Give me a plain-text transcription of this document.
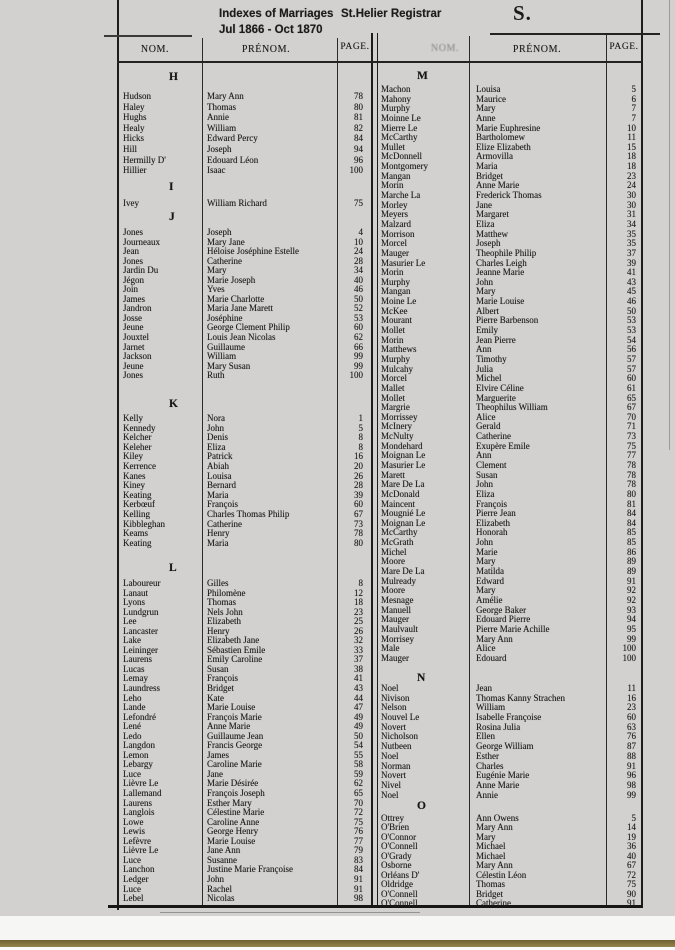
Indexes of Marriages St.Helier Registrar
Jul 1866 - Oct 1870
S.
NOM.	PRÉNOM.	PAGE.	NOM.	PRÉNOM.	PAGE.
H
Hudson	Mary Ann	78
Haley	Thomas	80
Hughs	Annie	81
Healy	William	82
Hicks	Edward Percy	84
Hill	Joseph	94
Hermilly D'	Edouard Léon	96
Hillier	Isaac	100
I
Ivey	William Richard	75
J
Jones	Joseph	4
Journeaux	Mary Jane	10
Jean	Héloise Joséphine Estelle	24
Jones	Catherine	28
Jardin Du	Mary	34
Jégon	Marie Joseph	40
Join	Yves	46
James	Marie Charlotte	50
Jandron	Maria Jane Marett	52
Josse	Joséphine	53
Jeune	George Clement Philip	60
Jouxtel	Louis Jean Nicolas	62
Jarnet	Guillaume	66
Jackson	William	99
Jeune	Mary Susan	99
Jones	Ruth	100
K
Kelly	Nora	1
Kennedy	John	5
Kelcher	Denis	8
Keleher	Eliza	8
Kiley	Patrick	16
Kerrence	Abiah	20
Kanes	Louisa	26
Kiney	Bernard	28
Keating	Maria	39
Kerbœuf	François	60
Kelling	Charles Thomas Philip	67
Kibbleghan	Catherine	73
Keams	Henry	78
Keating	Maria	80
L
Laboureur	Gilles	8
Lanaut	Philomène	12
Lyons	Thomas	18
Lundgrun	Nels John	23
Lee	Elizabeth	25
Lancaster	Henry	26
Lake	Elizabeth Jane	32
Leininger	Sébastien Emile	33
Laurens	Emily Caroline	37
Lucas	Susan	38
Lemay	François	41
Laundress	Bridget	43
Leho	Kate	44
Lande	Marie Louise	47
Lefondré	François Marie	49
Lené	Anne Marie	49
Ledo	Guillaume Jean	50
Langdon	Francis George	54
Lemon	James	55
Lebargy	Caroline Marie	58
Luce	Jane	59
Lièvre Le	Marie Désirée	62
Lallemand	François Joseph	65
Laurens	Esther Mary	70
Langlois	Célestine Marie	72
Lowe	Caroline Anne	75
Lewis	George Henry	76
Lefèvre	Marie Louise	77
Lièvre Le	Jane Ann	79
Luce	Susanne	83
Lanchon	Justine Marie Françoise	84
Ledger	John	91
Luce	Rachel	91
Lebel	Nicolas	98
M
Machon	Louisa	5
Mahony	Maurice	6
Murphy	Mary	7
Moinne Le	Anne	7
Mierre Le	Marie Euphresine	10
McCarthy	Bartholomew	11
Mullet	Elize Elizabeth	15
McDonnell	Armovilla	18
Montgomery	Maria	18
Mangan	Bridget	23
Morin	Anne Marie	24
Marche La	Frederick Thomas	30
Morley	Jane	30
Meyers	Margaret	31
Malzard	Eliza	34
Morrison	Matthew	35
Morcel	Joseph	35
Mauger	Theophile Philip	37
Masurier Le	Charles Leigh	39
Morin	Jeanne Marie	41
Murphy	John	43
Mangan	Mary	45
Moine Le	Marie Louise	46
McKee	Albert	50
Mourant	Pierre Barbenson	53
Mollet	Emily	53
Morin	Jean Pierre	54
Matthews	Ann	56
Murphy	Timothy	57
Mulcahy	Julia	57
Morcel	Michel	60
Mallet	Elvire Céline	61
Mollet	Marguerite	65
Margrie	Theophilus William	67
Morrissey	Alice	70
McInery	Gerald	71
McNulty	Catherine	73
Mondehard	Exupère Emile	75
Moignan Le	Ann	77
Masurier Le	Clement	78
Marett	Susan	78
Mare De La	John	78
McDonald	Eliza	80
Maincent	François	81
Mougnié Le	Pierre Jean	84
Moignan Le	Elizabeth	84
McCarthy	Honorah	85
McGrath	John	85
Michel	Marie	86
Moore	Mary	89
Mare De La	Matilda	89
Mulready	Edward	91
Moore	Mary	92
Mesnage	Amélie	92
Manuell	George Baker	93
Mauger	Edouard Pierre	94
Maulvault	Pierre Marie Achille	95
Morrisey	Mary Ann	99
Male	Alice	100
Mauger	Edouard	100
N
Noel	Jean	11
Nivison	Thomas Kanny Strachen	16
Nelson	William	23
Nouvel Le	Isabelle Françoise	60
Novert	Rosina Julia	63
Nicholson	Ellen	76
Nutbeen	George William	87
Noel	Esther	88
Norman	Charles	91
Novert	Eugénie Marie	96
Nivel	Anne Marie	98
Noel	Annie	99
O
Ottrey	Ann Owens	5
O'Brien	Mary Ann	14
O'Connor	Mary	19
O'Connell	Michael	36
O'Grady	Michael	40
Osborne	Mary Ann	67
Orléans D'	Célestin Léon	72
Oldridge	Thomas	75
O'Connell	Bridget	90
O'Connell	Catherine	91
